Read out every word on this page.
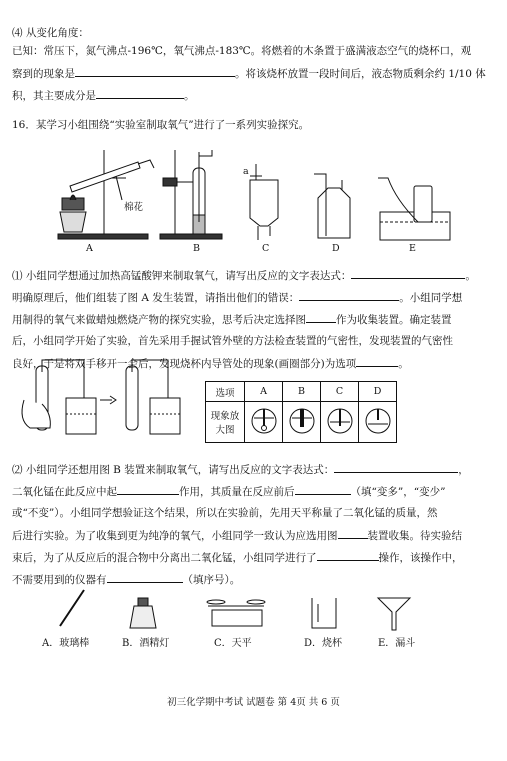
⑷ 从变化角度：
已知：常压下，氮气沸点-196℃，氧气沸点-183℃。将燃着的木条置于盛满液态空气的烧杯口，观
察到的现象是	。将该烧杯放置一段时间后，液态物质剩余约 1/10 体
积，其主要成分是	。
16．某学习小组围绕“实验室制取氧气”进行了一系列实验探究。
棉花
A	B
a
C	D	E
⑴ 小组同学想通过加热高锰酸钾来制取氧气，请写出反应的文字表达式：	。
明确原理后，他们组装了图 A 发生装置，请指出他们的错误：	。小组同学想
用制得的氧气来做蜡烛燃烧产物的探究实验，思考后决定选择图	作为收集装置。确定装置
后，小组同学开始了实验，首先采用手握试管外壁的方法检查装置的气密性，发现装置的气密性
良好，于是将双手移开一会后，发现烧杯内导管处的现象(画圈部分)为选项	。
选项	A	B	C	D

现象放
大图

⑵ 小组同学还想用图 B 装置来制取氧气，请写出反应的文字表达式：	，
二氧化锰在此反应中起	作用，其质量在反应前后	（填“变多”，“变少”
或“不变”）。小组同学想验证这个结果，所以在实验前，先用天平称量了二氧化锰的质量，然
后进行实验。为了收集到更为纯净的氧气，小组同学一致认为应选用图	装置收集。待实验结
束后，为了从反应后的混合物中分离出二氧化锰，小组同学进行了	操作，该操作中，
不需要用到的仪器有	（填序号）。
A．玻璃棒	B．酒精灯	C．天平	D．烧杯	E．漏斗
初三化学期中考试 试题卷 第 4页 共 6 页
